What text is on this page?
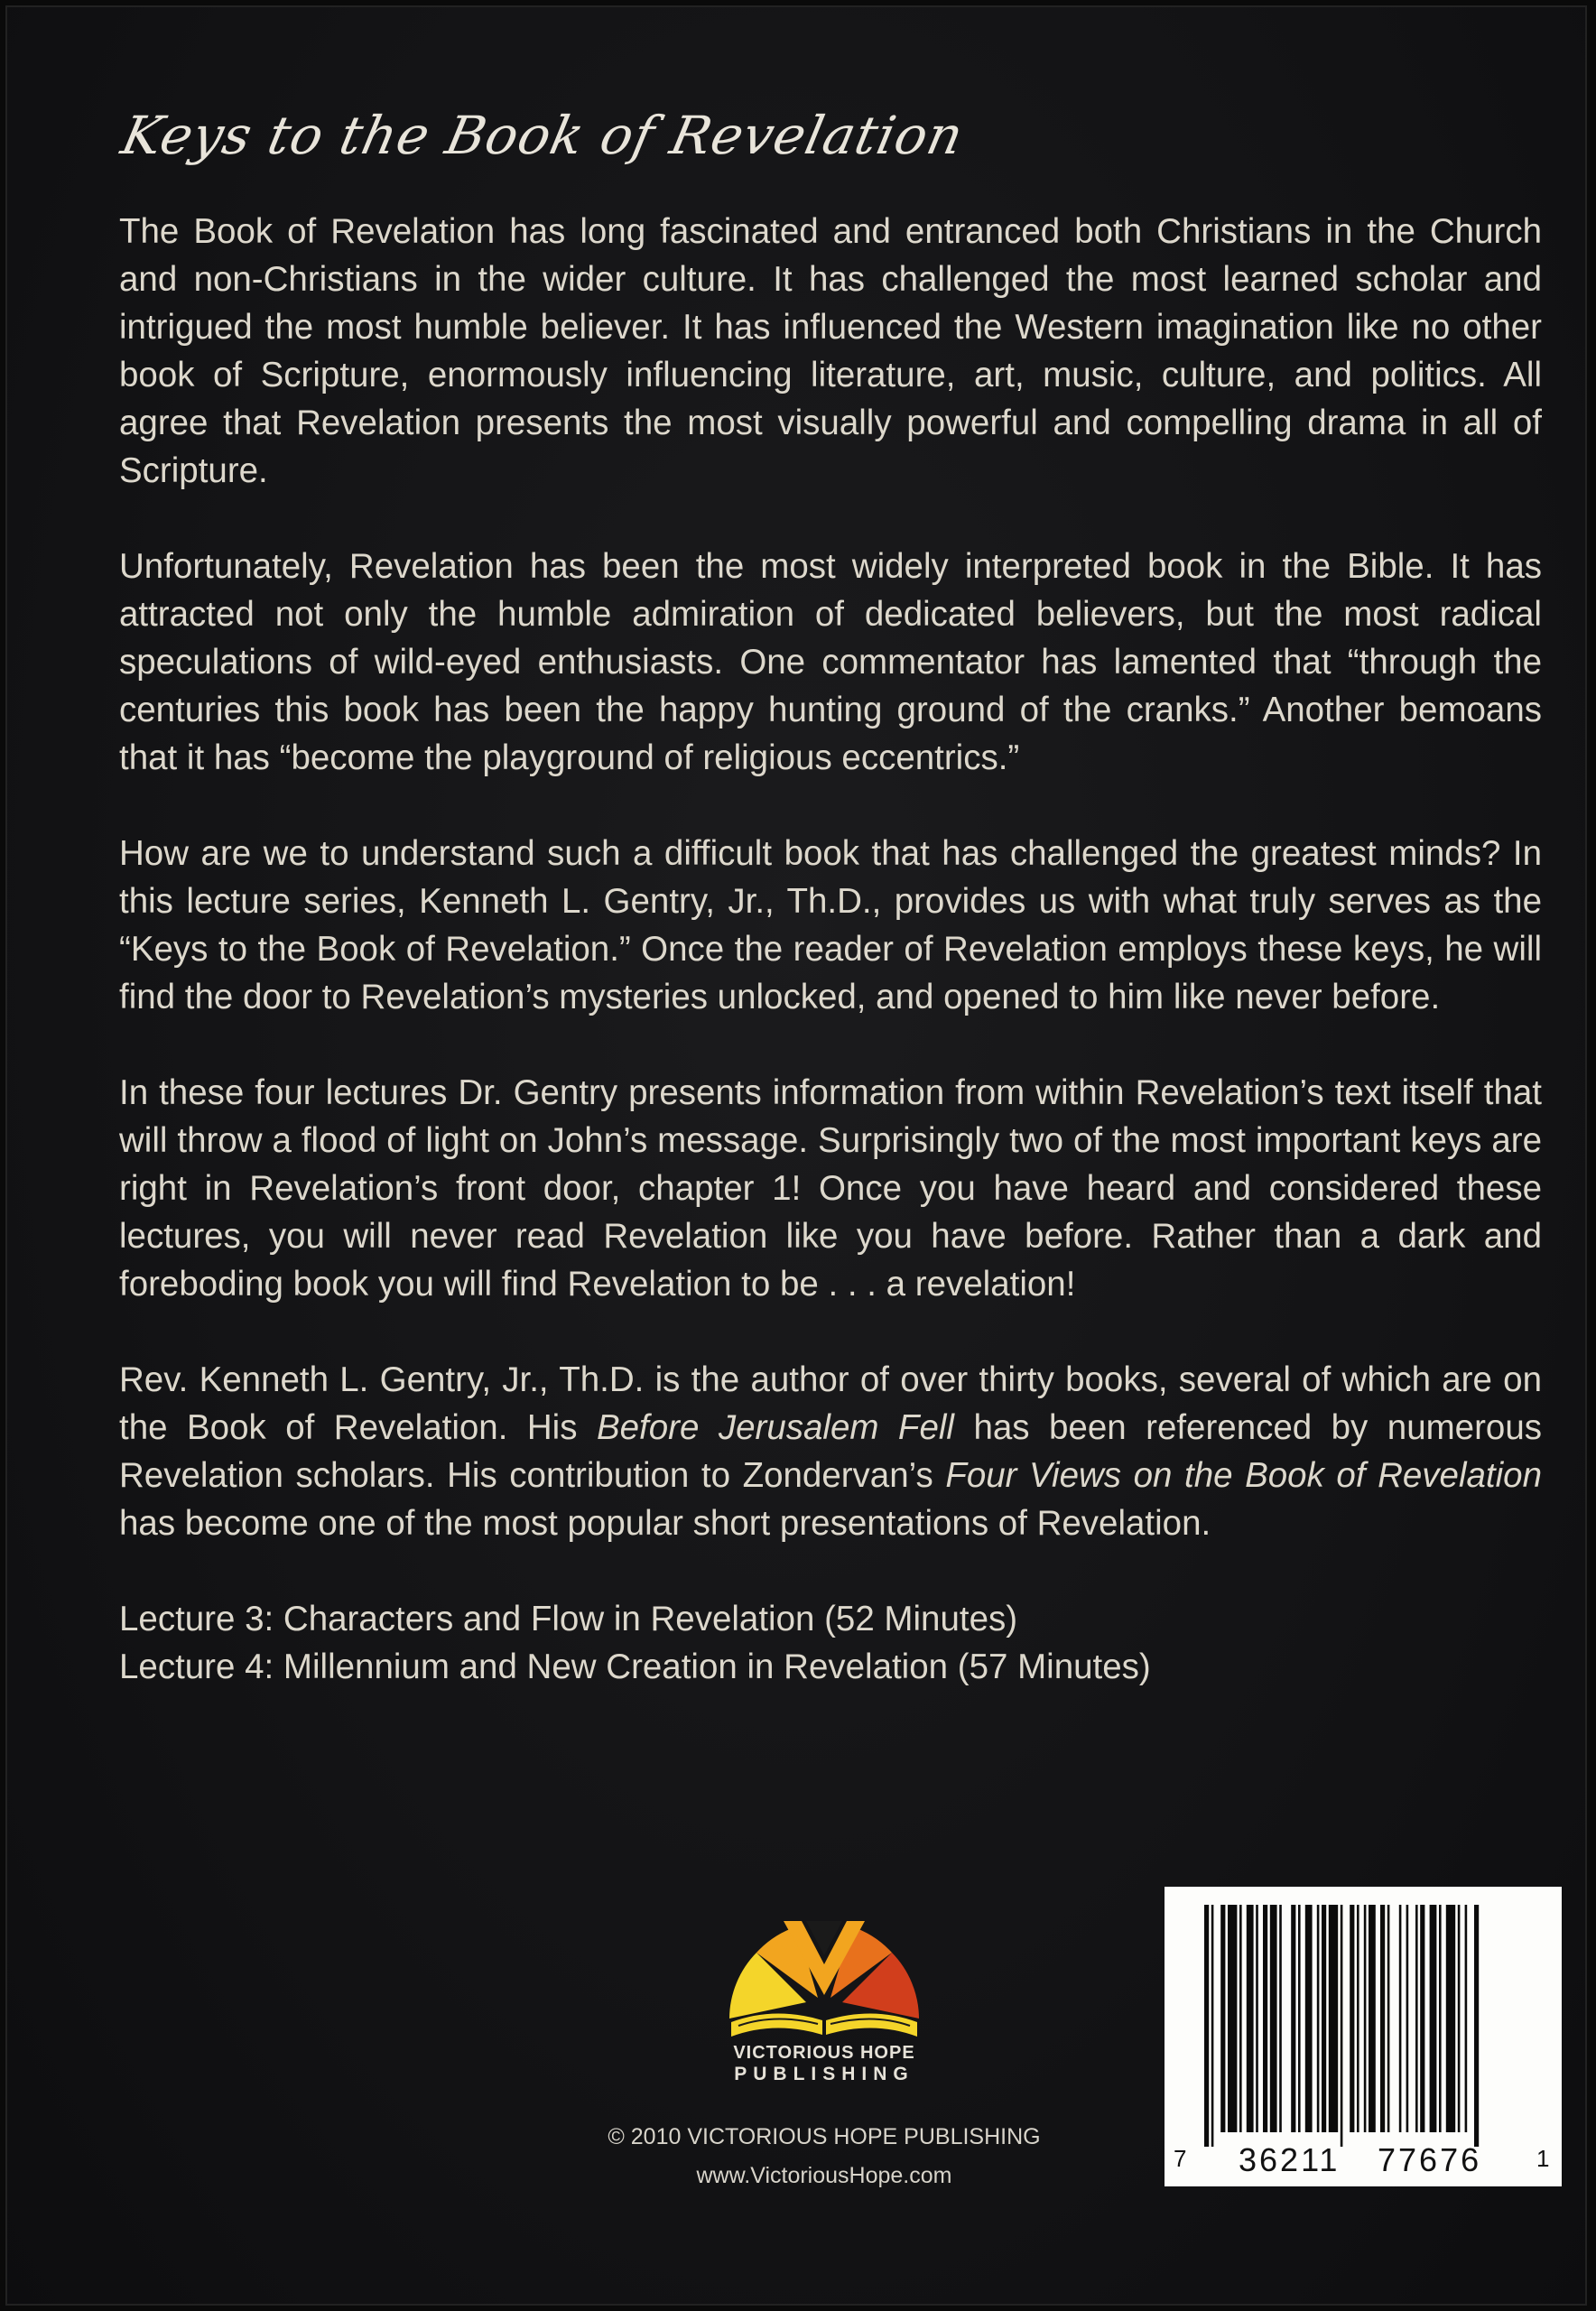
Keys to the Book of Revelation

The Book of Revelation has long fascinated and entranced both Christians in the Church and non-Christians in the wider culture. It has challenged the most learned scholar and intrigued the most humble believer. It has influenced the Western imagination like no other book of Scripture, enormously influencing literature, art, music, culture, and politics. All agree that Revelation presents the most visually powerful and compelling drama in all of Scripture.

Unfortunately, Revelation has been the most widely interpreted book in the Bible. It has attracted not only the humble admiration of dedicated believers, but the most radical speculations of wild-eyed enthusiasts. One commentator has lamented that “through the centuries this book has been the happy hunting ground of the cranks.” Another bemoans that it has “become the playground of religious eccentrics.”

How are we to understand such a difficult book that has challenged the greatest minds? In this lecture series, Kenneth L. Gentry, Jr., Th.D., provides us with what truly serves as the “Keys to the Book of Revelation.” Once the reader of Revelation employs these keys, he will find the door to Revelation’s mysteries unlocked, and opened to him like never before.

In these four lectures Dr. Gentry presents information from within Revelation’s text itself that will throw a flood of light on John’s message. Surprisingly two of the most important keys are right in Revelation’s front door, chapter 1! Once you have heard and considered these lectures, you will never read Revelation like you have before. Rather than a dark and foreboding book you will find Revelation to be . . . a revelation!

Rev. Kenneth L. Gentry, Jr., Th.D. is the author of over thirty books, several of which are on the Book of Revelation. His Before Jerusalem Fell has been referenced by numerous Revelation scholars. His contribution to Zondervan’s Four Views on the Book of Revelation has become one of the most popular short presentations of Revelation.

Lecture 3: Characters and Flow in Revelation (52 Minutes)
Lecture 4: Millennium and New Creation in Revelation (57 Minutes)
VICTORIOUS HOPE
PUBLISHING
© 2010 VICTORIOUS HOPE PUBLISHING
www.VictoriousHope.com
7 36211 77676 1
